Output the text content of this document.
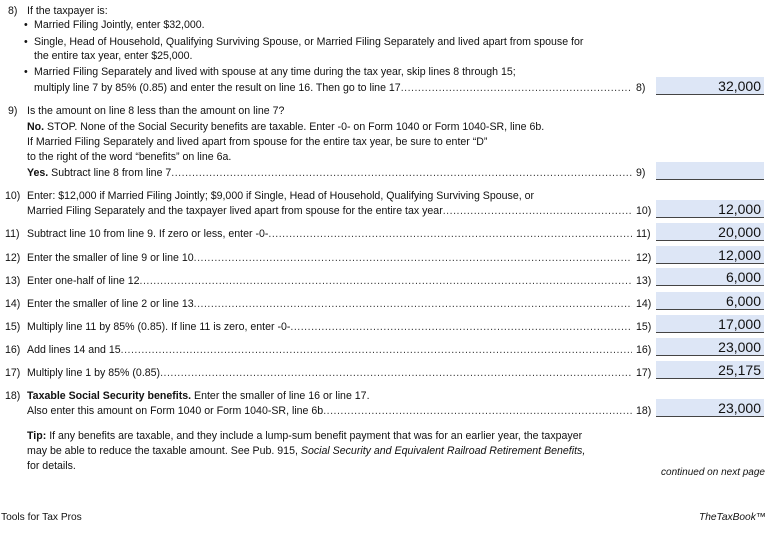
8) If the taxpayer is:
• Married Filing Jointly, enter $32,000.
• Single, Head of Household, Qualifying Surviving Spouse, or Married Filing Separately and lived apart from spouse for
the entire tax year, enter $25,000.
• Married Filing Separately and lived with spouse at any time during the tax year, skip lines 8 through 15;
multiply line 7 by 85% (0.85) and enter the result on line 16. Then go to line 17 .....	8)	32,000
9) Is the amount on line 8 less than the amount on line 7?
No. STOP. None of the Social Security benefits are taxable. Enter -0- on Form 1040 or Form 1040-SR, line 6b.
If Married Filing Separately and lived apart from spouse for the entire tax year, be sure to enter “D”
to the right of the word “benefits” on line 6a.
Yes. Subtract line 8 from line 7 .....	9)
10) Enter: $12,000 if Married Filing Jointly; $9,000 if Single, Head of Household, Qualifying Surviving Spouse, or
Married Filing Separately and the taxpayer lived apart from spouse for the entire tax year .....	10)	12,000
11) Subtract line 10 from line 9. If zero or less, enter -0- .....	11)	20,000
12) Enter the smaller of line 9 or line 10 .....	12)	12,000
13) Enter one-half of line 12 .....	13)	6,000
14) Enter the smaller of line 2 or line 13 .....	14)	6,000
15) Multiply line 11 by 85% (0.85). If line 11 is zero, enter -0- .....	15)	17,000
16) Add lines 14 and 15 .....	16)	23,000
17) Multiply line 1 by 85% (0.85) .....	17)	25,175
18) Taxable Social Security benefits. Enter the smaller of line 16 or line 17.
Also enter this amount on Form 1040 or Form 1040-SR, line 6b .....	18)	23,000
Tip: If any benefits are taxable, and they include a lump-sum benefit payment that was for an earlier year, the taxpayer
may be able to reduce the taxable amount. See Pub. 915, Social Security and Equivalent Railroad Retirement Benefits,
for details.
continued on next page
Tools for Tax Pros	TheTaxBook™
